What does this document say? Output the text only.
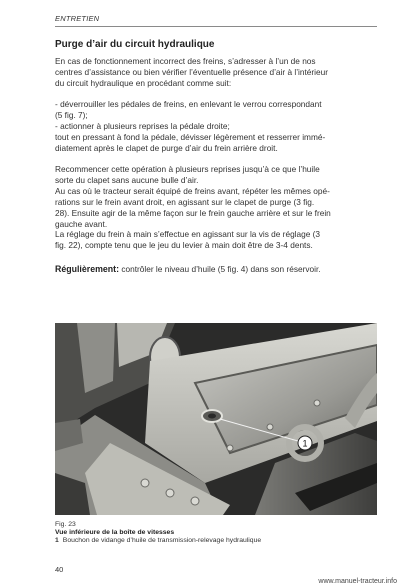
ENTRETIEN
Purge d’air du circuit hydraulique

En cas de fonctionnement incorrect des freins, s’adresser à l’un de nos
centres d’assistance ou bien vérifier l’éventuelle présence d’air à l’intérieur
du circuit hydraulique en procédant comme suit:

- déverrouiller les pédales de freins, en enlevant le verrou correspondant
(5 fig. 7);
- actionner à plusieurs reprises la pédale droite;
tout en pressant à fond la pédale, dévisser légèrement et resserrer immé-
diatement après le clapet de purge d’air du frein arrière droit.

Recommencer cette opération à plusieurs reprises jusqu’à ce que l’huile
sorte du clapet sans aucune bulle d’air.
Au cas où le tracteur serait équipé de freins avant, répéter les mêmes opé-
rations sur le frein avant droit, en agissant sur le clapet de purge (3 fig.
28). Ensuite agir de la même façon sur le frein gauche arrière et sur le frein
gauche avant.
La réglage du frein à main s’effectue en agissant sur la vis de réglage (3
fig. 22), compte tenu que le jeu du levier à main doit être de 3-4 dents.

Régulièrement: contrôler le niveau d’huile (5 fig. 4) dans son réservoir.

1
Fig. 23
Vue inférieure de la boîte de vitesses
1 Bouchon de vidange d’huile de transmission-relevage hydraulique
40
www.manuel-tracteur.info
